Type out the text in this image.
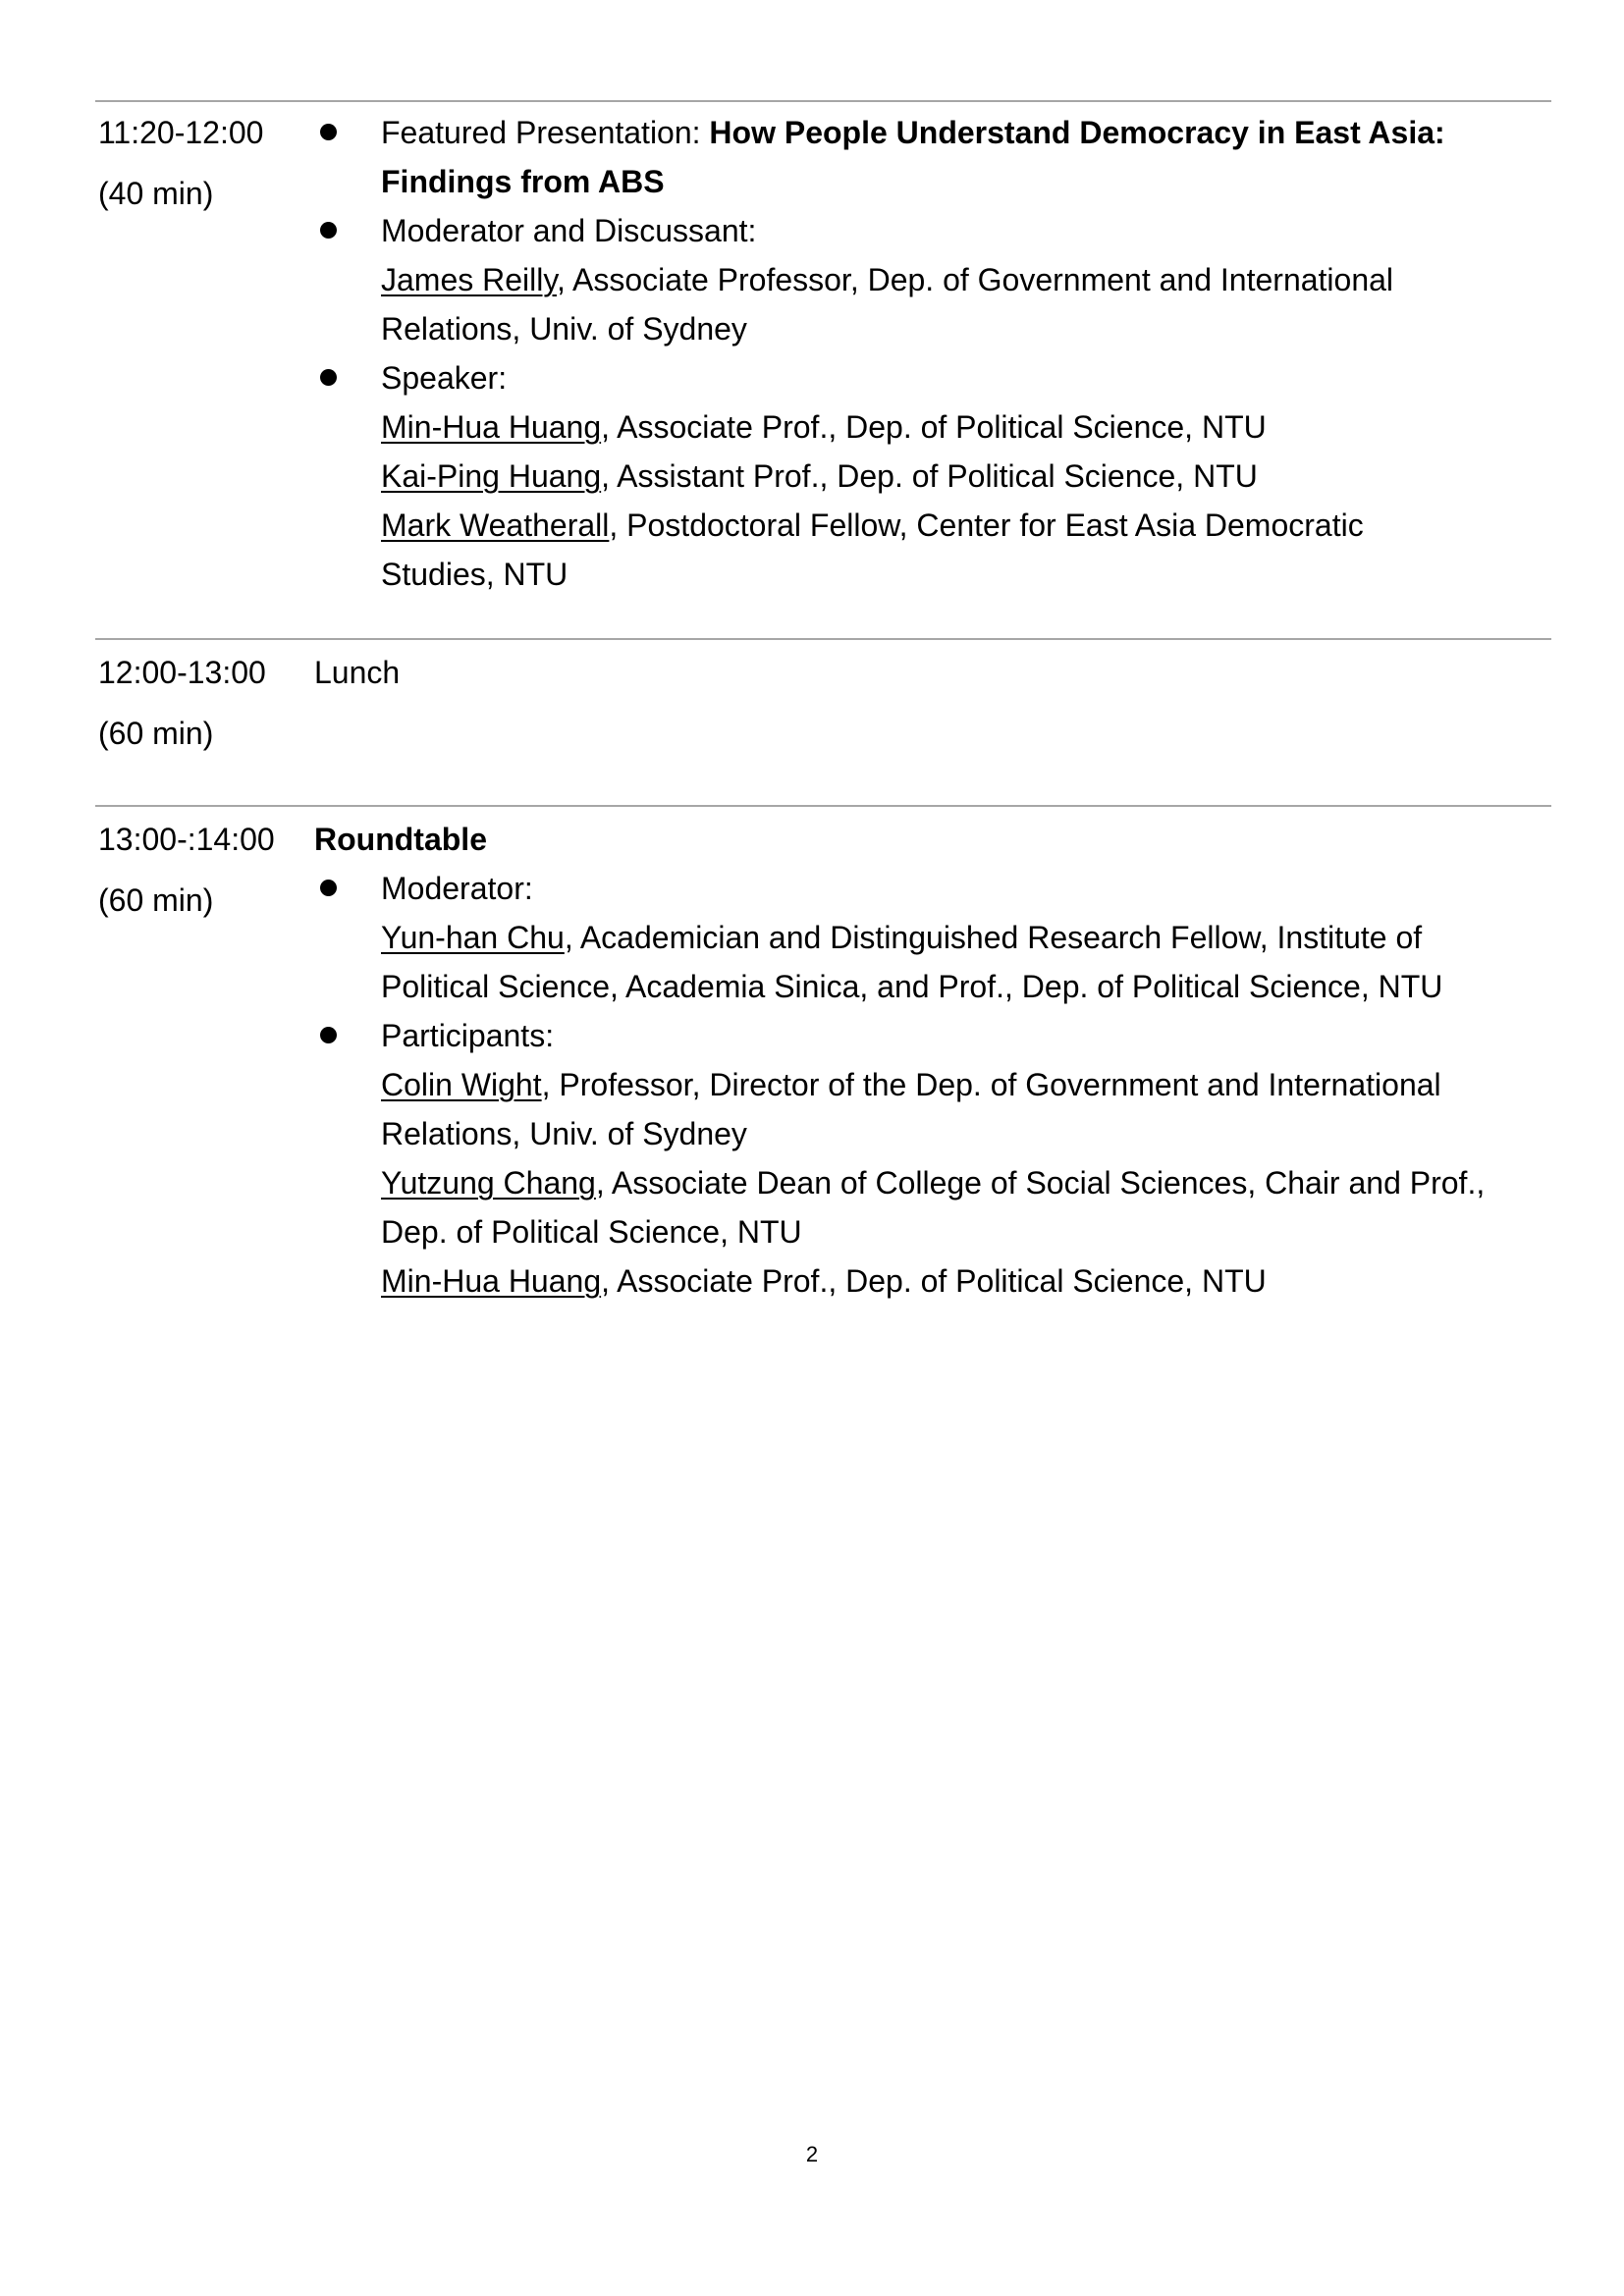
11:20-12:00
(40 min)
Featured Presentation: How People Understand Democracy in East Asia:
Findings from ABS
Moderator and Discussant:
James Reilly, Associate Professor, Dep. of Government and International
Relations, Univ. of Sydney
Speaker:
Min-Hua Huang, Associate Prof., Dep. of Political Science, NTU
Kai-Ping Huang, Assistant Prof., Dep. of Political Science, NTU
Mark Weatherall, Postdoctoral Fellow, Center for East Asia Democratic
Studies, NTU
12:00-13:00
(60 min)
Lunch
13:00-:14:00
(60 min)
Roundtable
Moderator:
Yun-han Chu, Academician and Distinguished Research Fellow, Institute of
Political Science, Academia Sinica, and Prof., Dep. of Political Science, NTU
Participants:
Colin Wight, Professor, Director of the Dep. of Government and International
Relations, Univ. of Sydney
Yutzung Chang, Associate Dean of College of Social Sciences, Chair and Prof.,
Dep. of Political Science, NTU
Min-Hua Huang, Associate Prof., Dep. of Political Science, NTU
2
